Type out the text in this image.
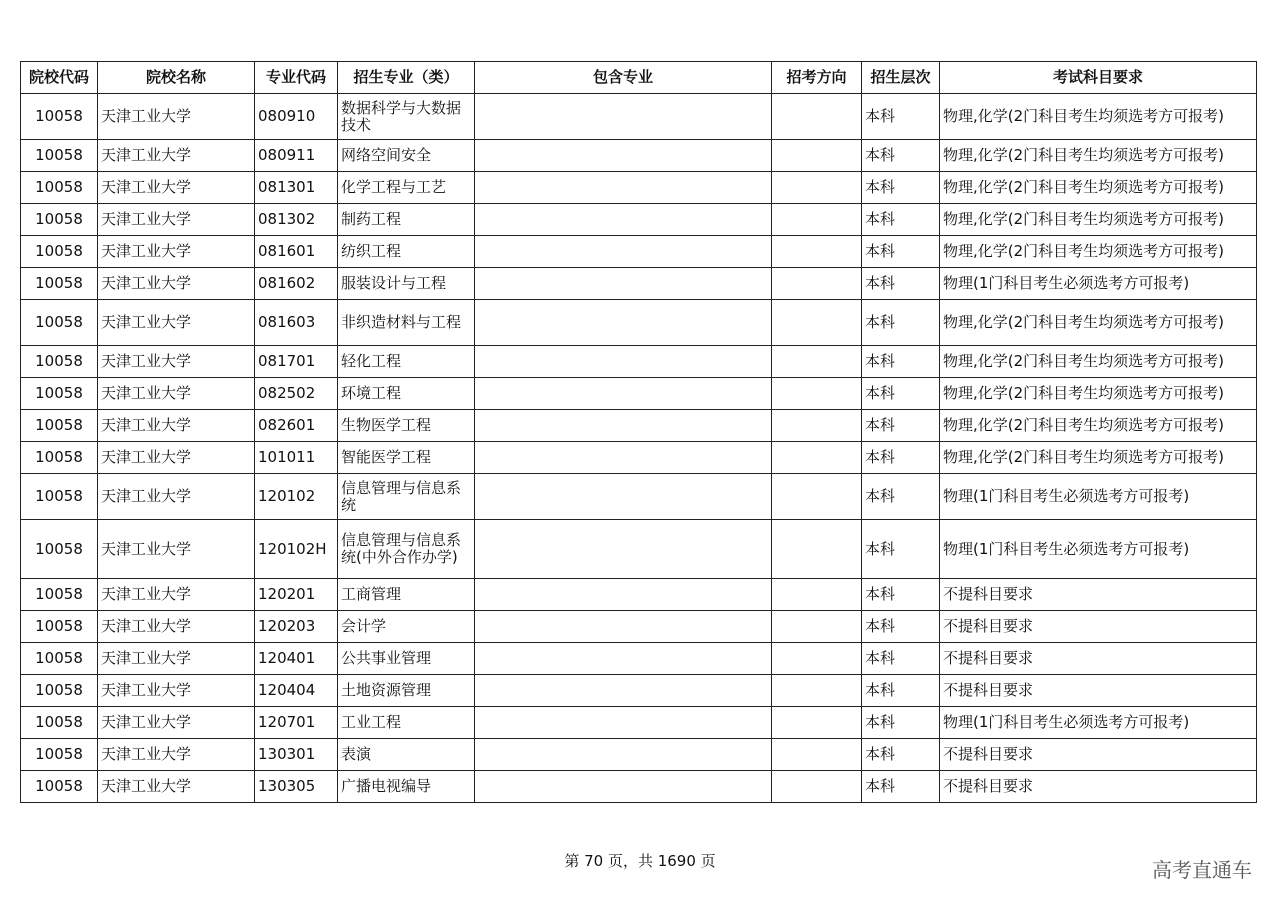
院校代码	院校名称	专业代码	招生专业（类）	包含专业	招考方向	招生层次	考试科目要求
10058	天津工业大学	080910	数据科学与大数据技术			本科	物理,化学(2门科目考生均须选考方可报考)
10058	天津工业大学	080911	网络空间安全			本科	物理,化学(2门科目考生均须选考方可报考)
10058	天津工业大学	081301	化学工程与工艺			本科	物理,化学(2门科目考生均须选考方可报考)
10058	天津工业大学	081302	制药工程			本科	物理,化学(2门科目考生均须选考方可报考)
10058	天津工业大学	081601	纺织工程			本科	物理,化学(2门科目考生均须选考方可报考)
10058	天津工业大学	081602	服装设计与工程			本科	物理(1门科目考生必须选考方可报考)
10058	天津工业大学	081603	非织造材料与工程			本科	物理,化学(2门科目考生均须选考方可报考)
10058	天津工业大学	081701	轻化工程			本科	物理,化学(2门科目考生均须选考方可报考)
10058	天津工业大学	082502	环境工程			本科	物理,化学(2门科目考生均须选考方可报考)
10058	天津工业大学	082601	生物医学工程			本科	物理,化学(2门科目考生均须选考方可报考)
10058	天津工业大学	101011	智能医学工程			本科	物理,化学(2门科目考生均须选考方可报考)
10058	天津工业大学	120102	信息管理与信息系统			本科	物理(1门科目考生必须选考方可报考)
10058	天津工业大学	120102H	信息管理与信息系统(中外合作办学)			本科	物理(1门科目考生必须选考方可报考)
10058	天津工业大学	120201	工商管理			本科	不提科目要求
10058	天津工业大学	120203	会计学			本科	不提科目要求
10058	天津工业大学	120401	公共事业管理			本科	不提科目要求
10058	天津工业大学	120404	土地资源管理			本科	不提科目要求
10058	天津工业大学	120701	工业工程			本科	物理(1门科目考生必须选考方可报考)
10058	天津工业大学	130301	表演			本科	不提科目要求
10058	天津工业大学	130305	广播电视编导			本科	不提科目要求
第 70 页，共 1690 页	高考直通车
